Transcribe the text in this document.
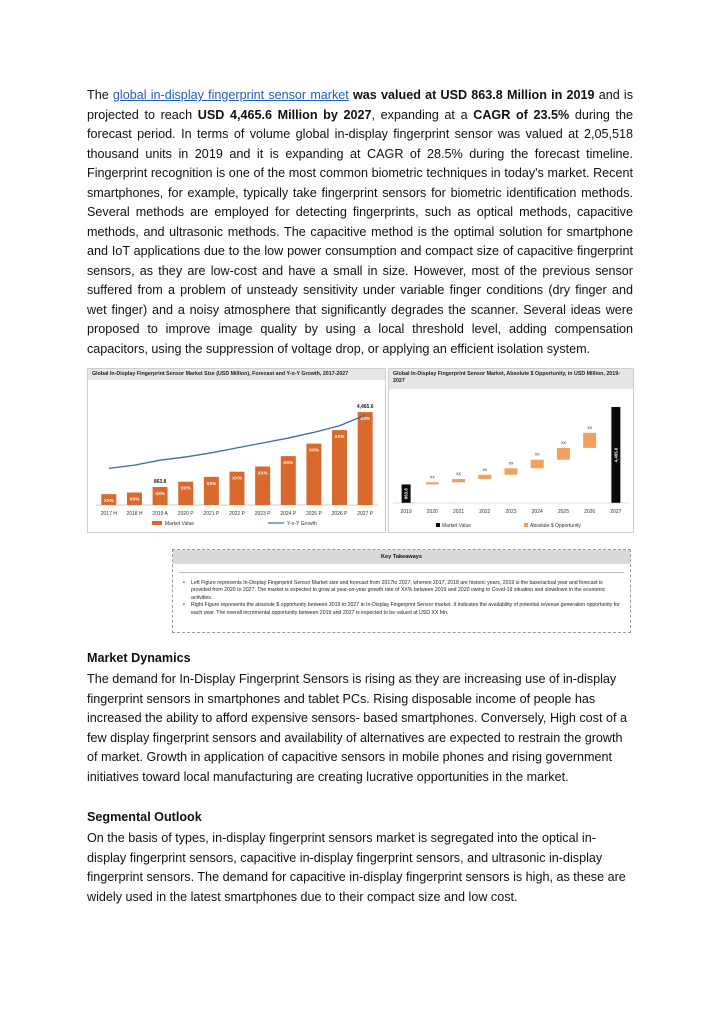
The global in-display fingerprint sensor market was valued at USD 863.8 Million in 2019 and is projected to reach USD 4,465.6 Million by 2027, expanding at a CAGR of 23.5% during the forecast period. In terms of volume global in-display fingerprint sensor was valued at 2,05,518 thousand units in 2019 and it is expanding at CAGR of 28.5% during the forecast timeline. Fingerprint recognition is one of the most common biometric techniques in today's market. Recent smartphones, for example, typically take fingerprint sensors for biometric identification methods. Several methods are employed for detecting fingerprints, such as optical methods, capacitive methods, and ultrasonic methods. The capacitive method is the optimal solution for smartphone and IoT applications due to the low power consumption and compact size of capacitive fingerprint sensors, as they are low-cost and have a small in size. However, most of the previous sensor suffered from a problem of unsteady sensitivity under variable finger conditions (dry finger and wet finger) and a noisy atmosphere that significantly degrades the scanner. Several ideas were proposed to improve image quality by using a local threshold level, adding compensation capacitors, using the suppression of voltage drop, or applying an efficient isolation system.

Global In-Display Fingerprint Sensor Market Size (USD Million), Forecast and Y-o-Y Growth, 2017-2027
2017 H
XX%
2018 H
XX%
2019 A
XX%
863.8
2020 P
XX%
2021 P
XX%
2022 P
XX%
2023 P
XX%
2024 P
XX%
2025 P
XX%
2026 P
XX%
2027 P
XX%
4,465.6
Market Value	Y-o-Y Growth
Global In-Display Fingerprint Sensor Market, Absolute $ Opportunity, in USD Million, 2019-2027
2019
863.8
2020
xx
2021
xx
2022
xx
2023
xx
2024
xx
2025
xx
2026
xx
2027
4,465.6
Market Value	Absolute $ Opportunity
Key Takeaways
• Left Figure represents In-Display Fingerprint Sensor Market size and forecast from 2017to 2027; wherein 2017, 2018 are historic years, 2019 is the base/actual year and forecast is provided from 2020 to 2027. The market is expected to grow at year-on-year growth rate of XX% between 2019 and 2020 owing to Covid-19 situation and slowdown in the economic activities.
• Right Figure represents the absolute $ opportunity between 2019 to 2027 in In-Display Fingerprint Sensor market. It indicates the availability of potential revenue generation opportunity for each year. The overall incremental opportunity between 2019 and 2027 is expected to be valued at USD XX Mn.
Market Dynamics

The demand for In-Display Fingerprint Sensors is rising as they are increasing use of in-display fingerprint sensors in smartphones and tablet PCs. Rising disposable income of people has increased the ability to afford expensive sensors- based smartphones. Conversely, High cost of a few display fingerprint sensors and availability of alternatives are expected to restrain the growth of market. Growth in application of capacitive sensors in mobile phones and rising government initiatives toward local manufacturing are creating lucrative opportunities in the market.

Segmental Outlook

On the basis of types, in-display fingerprint sensors market is segregated into the optical in-display fingerprint sensors, capacitive in-display fingerprint sensors, and ultrasonic in-display fingerprint sensors. The demand for capacitive in-display fingerprint sensors is high, as these are widely used in the latest smartphones due to their compact size and low cost.
